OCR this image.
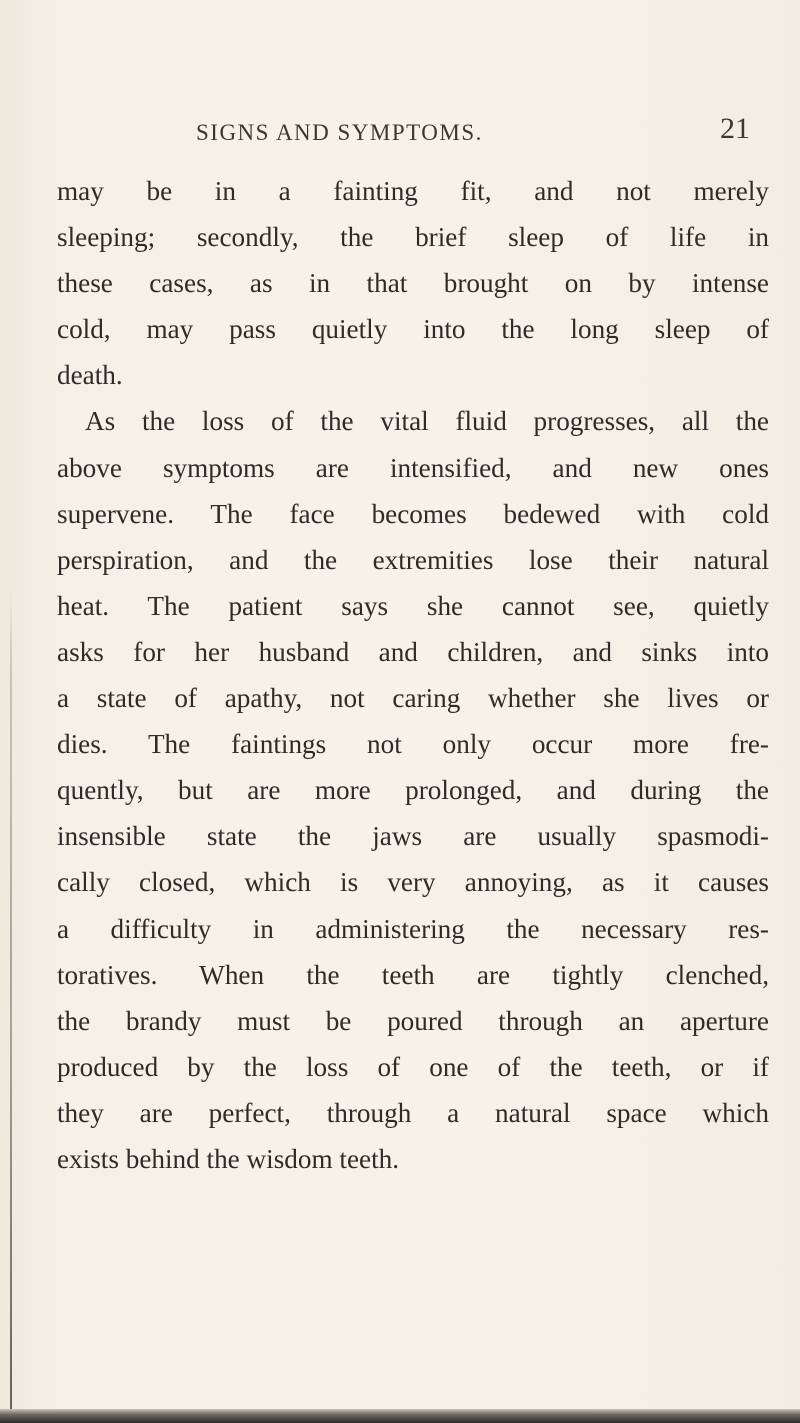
SIGNS AND SYMPTOMS.	21
may be in a fainting fit, and not merely
sleeping; secondly, the brief sleep of life in
these cases, as in that brought on by intense
cold, may pass quietly into the long sleep of
death.
As the loss of the vital fluid progresses, all the
above symptoms are intensified, and new ones
supervene. The face becomes bedewed with cold
perspiration, and the extremities lose their natural
heat. The patient says she cannot see, quietly
asks for her husband and children, and sinks into
a state of apathy, not caring whether she lives or
dies. The faintings not only occur more fre-
quently, but are more prolonged, and during the
insensible state the jaws are usually spasmodi-
cally closed, which is very annoying, as it causes
a difficulty in administering the necessary res-
toratives. When the teeth are tightly clenched,
the brandy must be poured through an aperture
produced by the loss of one of the teeth, or if
they are perfect, through a natural space which
exists behind the wisdom teeth.
